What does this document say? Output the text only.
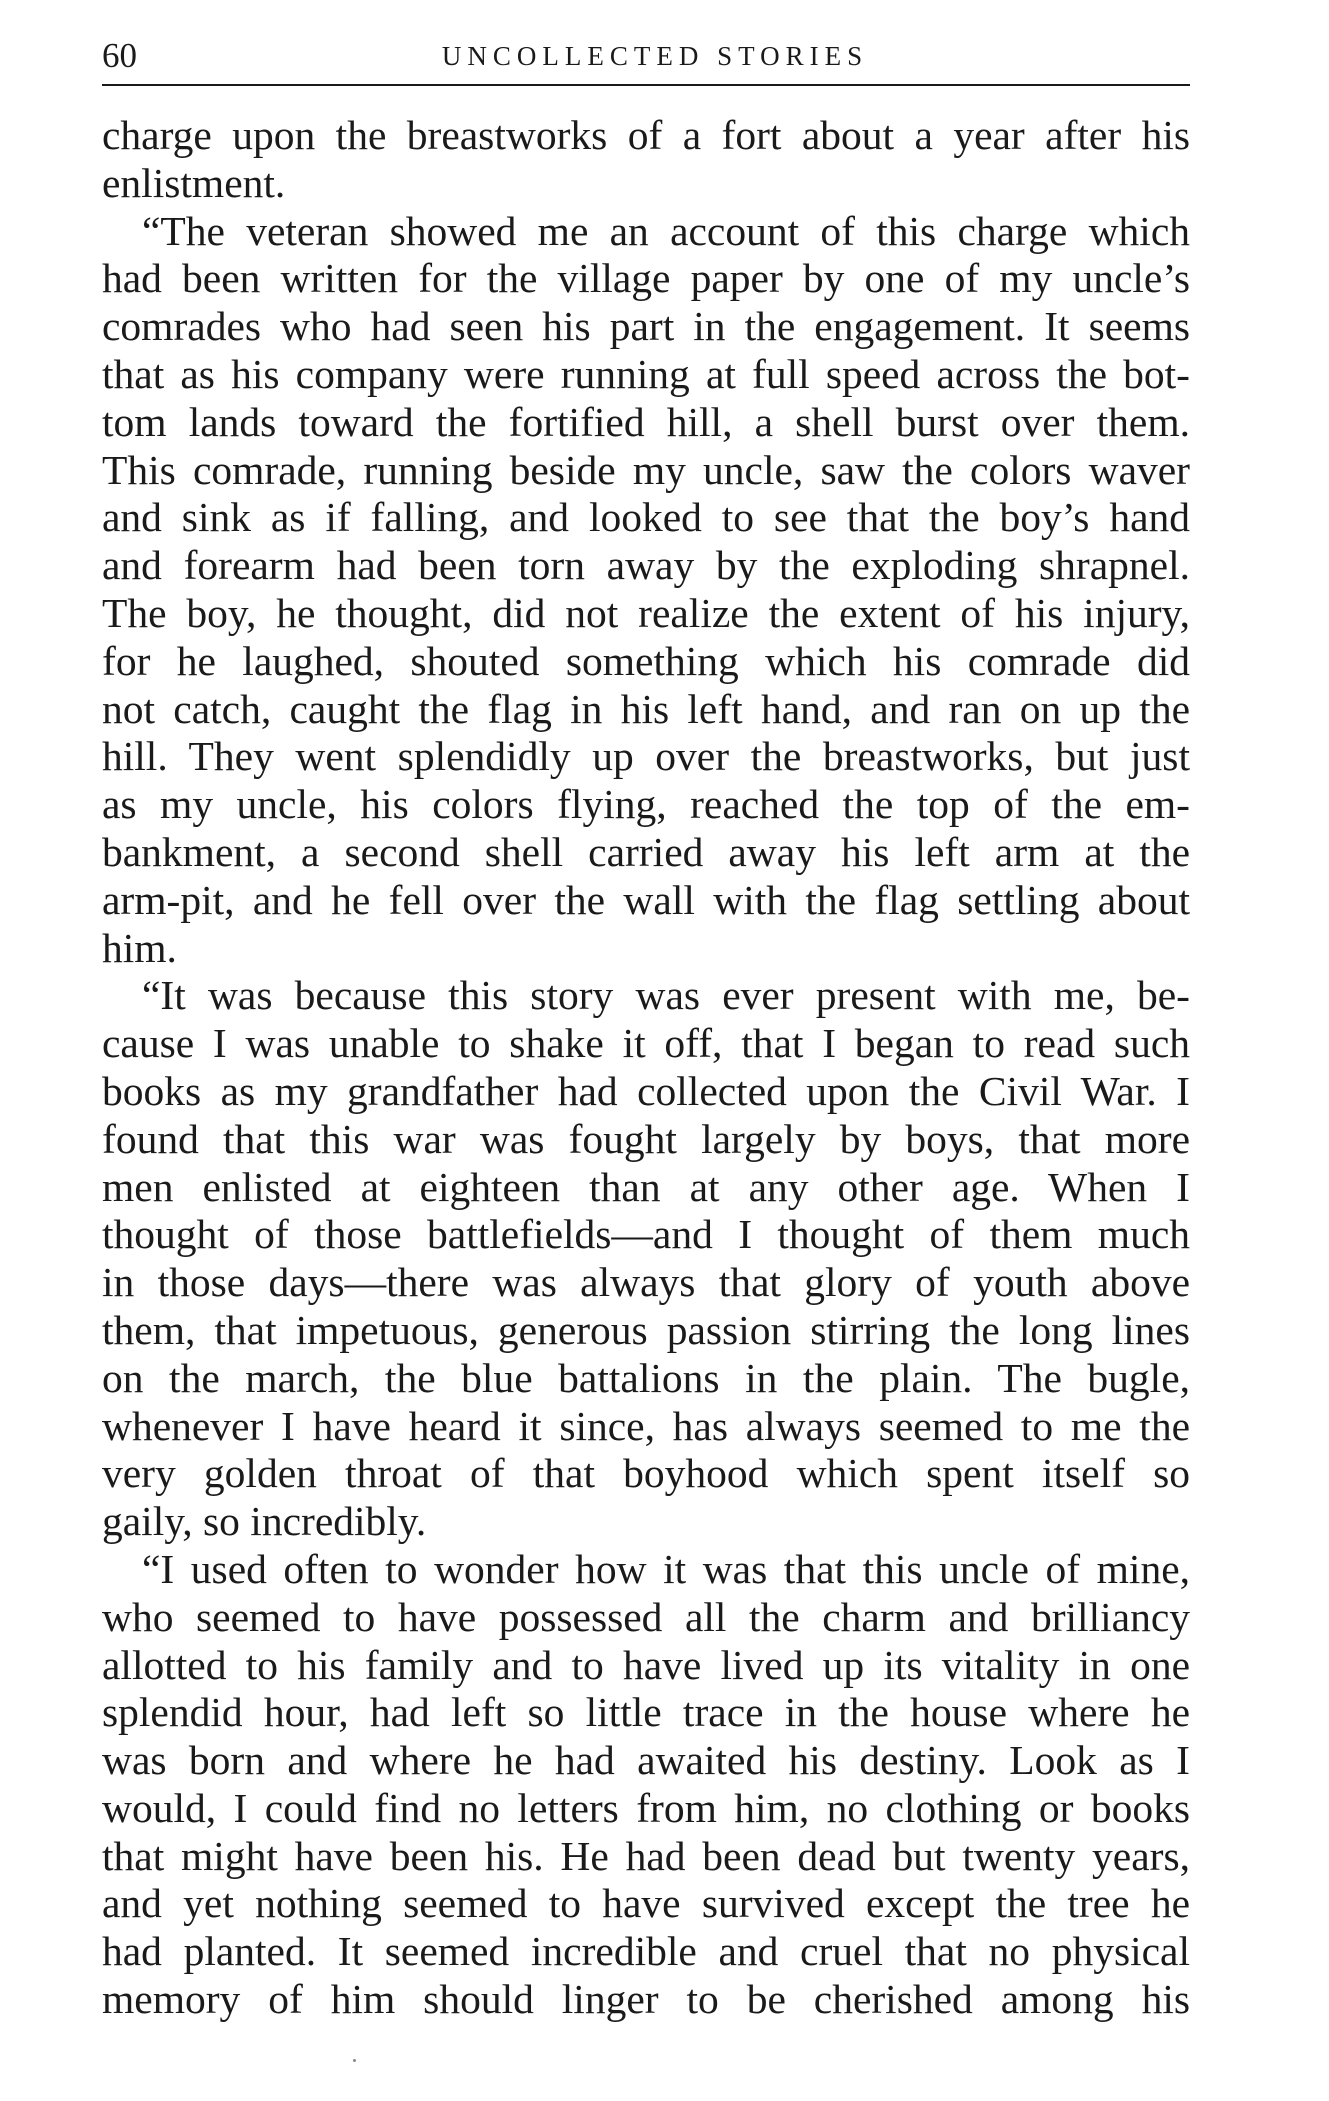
60	UNCOLLECTED STORIES
charge upon the breastworks of a fort about a year after his
enlistment.
“The veteran showed me an account of this charge which
had been written for the village paper by one of my uncle’s
comrades who had seen his part in the engagement. It seems
that as his company were running at full speed across the bot-
tom lands toward the fortified hill, a shell burst over them.
This comrade, running beside my uncle, saw the colors waver
and sink as if falling, and looked to see that the boy’s hand
and forearm had been torn away by the exploding shrapnel.
The boy, he thought, did not realize the extent of his injury,
for he laughed, shouted something which his comrade did
not catch, caught the flag in his left hand, and ran on up the
hill. They went splendidly up over the breastworks, but just
as my uncle, his colors flying, reached the top of the em-
bankment, a second shell carried away his left arm at the
arm-pit, and he fell over the wall with the flag settling about
him.
“It was because this story was ever present with me, be-
cause I was unable to shake it off, that I began to read such
books as my grandfather had collected upon the Civil War. I
found that this war was fought largely by boys, that more
men enlisted at eighteen than at any other age. When I
thought of those battlefields—and I thought of them much
in those days—there was always that glory of youth above
them, that impetuous, generous passion stirring the long lines
on the march, the blue battalions in the plain. The bugle,
whenever I have heard it since, has always seemed to me the
very golden throat of that boyhood which spent itself so
gaily, so incredibly.
“I used often to wonder how it was that this uncle of mine,
who seemed to have possessed all the charm and brilliancy
allotted to his family and to have lived up its vitality in one
splendid hour, had left so little trace in the house where he
was born and where he had awaited his destiny. Look as I
would, I could find no letters from him, no clothing or books
that might have been his. He had been dead but twenty years,
and yet nothing seemed to have survived except the tree he
had planted. It seemed incredible and cruel that no physical
memory of him should linger to be cherished among his
